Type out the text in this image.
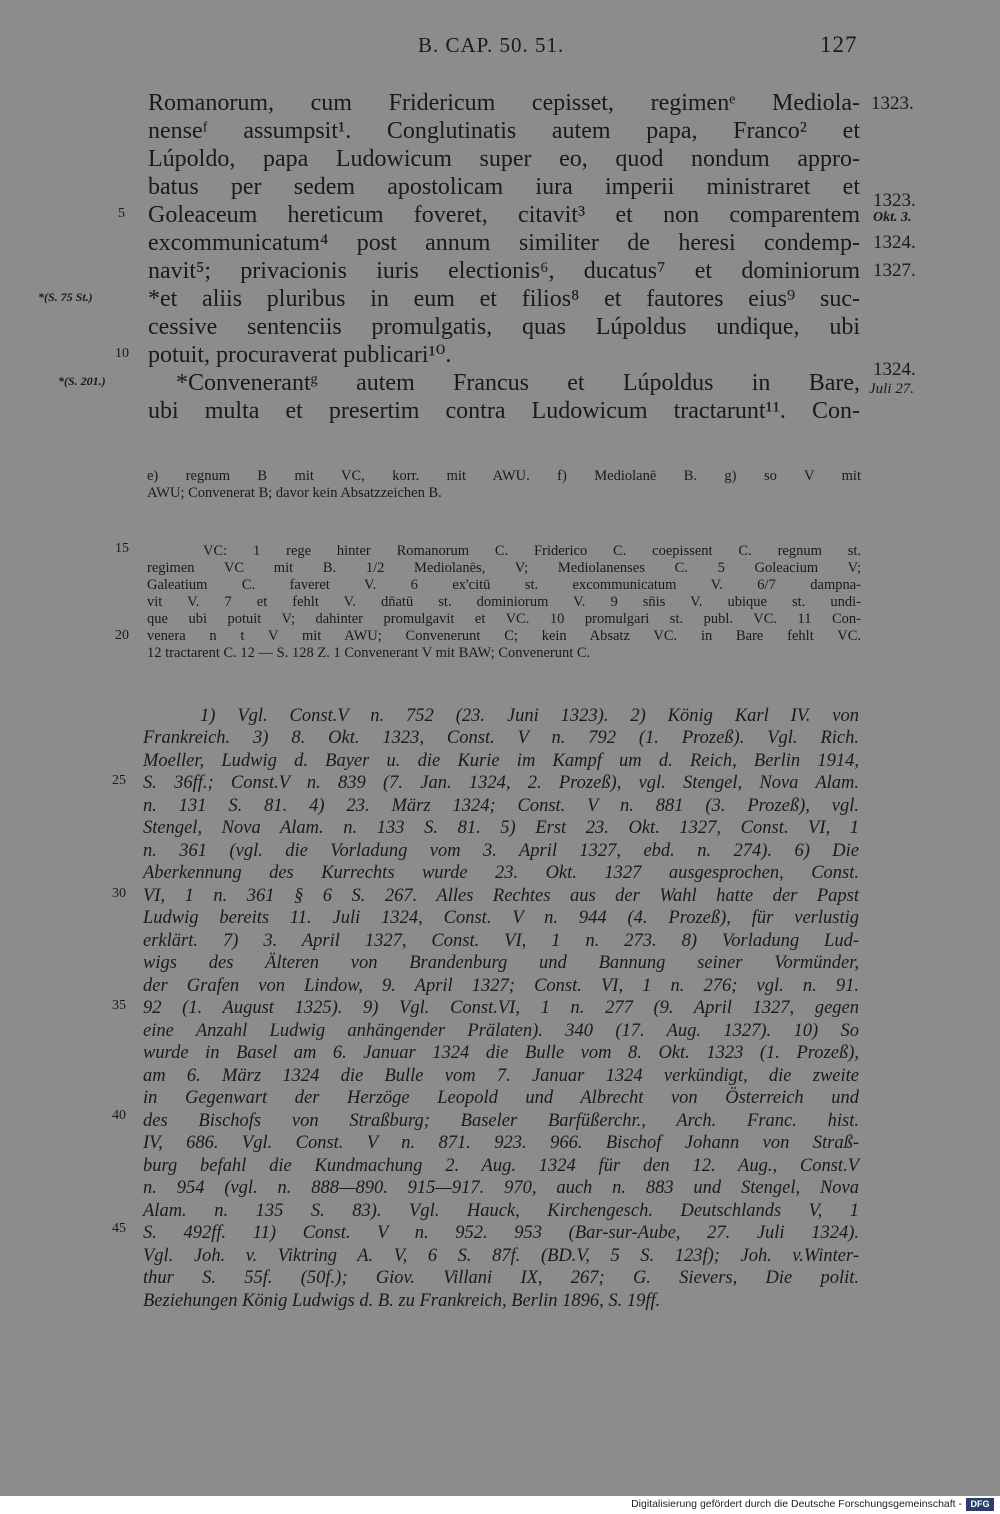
B. CAP. 50. 51.	127
Romanorum, cum Fridericum cepisset, regimenᵉ Mediola-
nenseᶠ assumpsit¹. Conglutinatis autem papa, Franco² et
Lúpoldo, papa Ludowicum super eo, quod nondum appro-
batus per sedem apostolicam iura imperii ministraret et
Goleaceum hereticum foveret, citavit³ et non comparentem
excommunicatum⁴ post annum similiter de heresi condemp-
navit⁵; privacionis iuris electionis⁶, ducatus⁷ et dominiorum
*et aliis pluribus in eum et filios⁸ et fautores eius⁹ suc-
cessive sentenciis promulgatis, quas Lúpoldus undique, ubi
potuit, procuraverat publicari¹⁰.
*Convenerantᵍ autem Francus et Lúpoldus in Bare,
ubi multa et presertim contra Ludowicum tractarunt¹¹. Con-
5
10
15
20
25
30
35
40
45
*(S. 75 St.)
*(S. 201.)
1323.
1323.
Okt. 3.
1324.
1327.
1324.
Juli 27.
e) regnum B mit VC, korr. mit AWU. f) Mediolanē B. g) so V mit
AWU; Convenerat B; davor kein Absatzzeichen B.
VC: 1 rege hinter Romanorum C. Friderico C. coepissent C. regnum st.
regimen VC mit B. 1/2 Mediolanēs, V; Mediolanenses C. 5 Goleacium V;
Galeatium C. faveret V. 6 ex'citū st. excommunicatum V. 6/7 dampna-
vit V. 7 et fehlt V. dn̄atū st. dominiorum V. 9 sn̄is V. ubique st. undi-
que ubi potuit V; dahinter promulgavit et VC. 10 promulgari st. publ. VC. 11 Con-
venera n t V mit AWU; Convenerunt C; kein Absatz VC. in Bare fehlt VC.
12 tractarent C. 12 — S. 128 Z. 1 Convenerant V mit BAW; Convenerunt C.
1) Vgl. Const.V n. 752 (23. Juni 1323). 2) König Karl IV. von
Frankreich. 3) 8. Okt. 1323, Const. V n. 792 (1. Prozeß). Vgl. Rich.
Moeller, Ludwig d. Bayer u. die Kurie im Kampf um d. Reich, Berlin 1914,
S. 36ff.; Const.V n. 839 (7. Jan. 1324, 2. Prozeß), vgl. Stengel, Nova Alam.
n. 131 S. 81. 4) 23. März 1324; Const. V n. 881 (3. Prozeß), vgl.
Stengel, Nova Alam. n. 133 S. 81. 5) Erst 23. Okt. 1327, Const. VI, 1
n. 361 (vgl. die Vorladung vom 3. April 1327, ebd. n. 274). 6) Die
Aberkennung des Kurrechts wurde 23. Okt. 1327 ausgesprochen, Const.
VI, 1 n. 361 § 6 S. 267. Alles Rechtes aus der Wahl hatte der Papst
Ludwig bereits 11. Juli 1324, Const. V n. 944 (4. Prozeß), für verlustig
erklärt. 7) 3. April 1327, Const. VI, 1 n. 273. 8) Vorladung Lud-
wigs des Älteren von Brandenburg und Bannung seiner Vormünder,
der Grafen von Lindow, 9. April 1327; Const. VI, 1 n. 276; vgl. n. 91.
92 (1. August 1325). 9) Vgl. Const.VI, 1 n. 277 (9. April 1327, gegen
eine Anzahl Ludwig anhängender Prälaten). 340 (17. Aug. 1327). 10) So
wurde in Basel am 6. Januar 1324 die Bulle vom 8. Okt. 1323 (1. Prozeß),
am 6. März 1324 die Bulle vom 7. Januar 1324 verkündigt, die zweite
in Gegenwart der Herzöge Leopold und Albrecht von Österreich und
des Bischofs von Straßburg; Baseler Barfüßerchr., Arch. Franc. hist.
IV, 686. Vgl. Const. V n. 871. 923. 966. Bischof Johann von Straß-
burg befahl die Kundmachung 2. Aug. 1324 für den 12. Aug., Const.V
n. 954 (vgl. n. 888—890. 915—917. 970, auch n. 883 und Stengel, Nova
Alam. n. 135 S. 83). Vgl. Hauck, Kirchengesch. Deutschlands V, 1
S. 492ff. 11) Const. V n. 952. 953 (Bar-sur-Aube, 27. Juli 1324).
Vgl. Joh. v. Viktring A. V, 6 S. 87f. (BD.V, 5 S. 123f); Joh. v.Winter-
thur S. 55f. (50f.); Giov. Villani IX, 267; G. Sievers, Die polit.
Beziehungen König Ludwigs d. B. zu Frankreich, Berlin 1896, S. 19ff.
Digitalisierung gefördert durch die Deutsche Forschungsgemeinschaft - DFG
